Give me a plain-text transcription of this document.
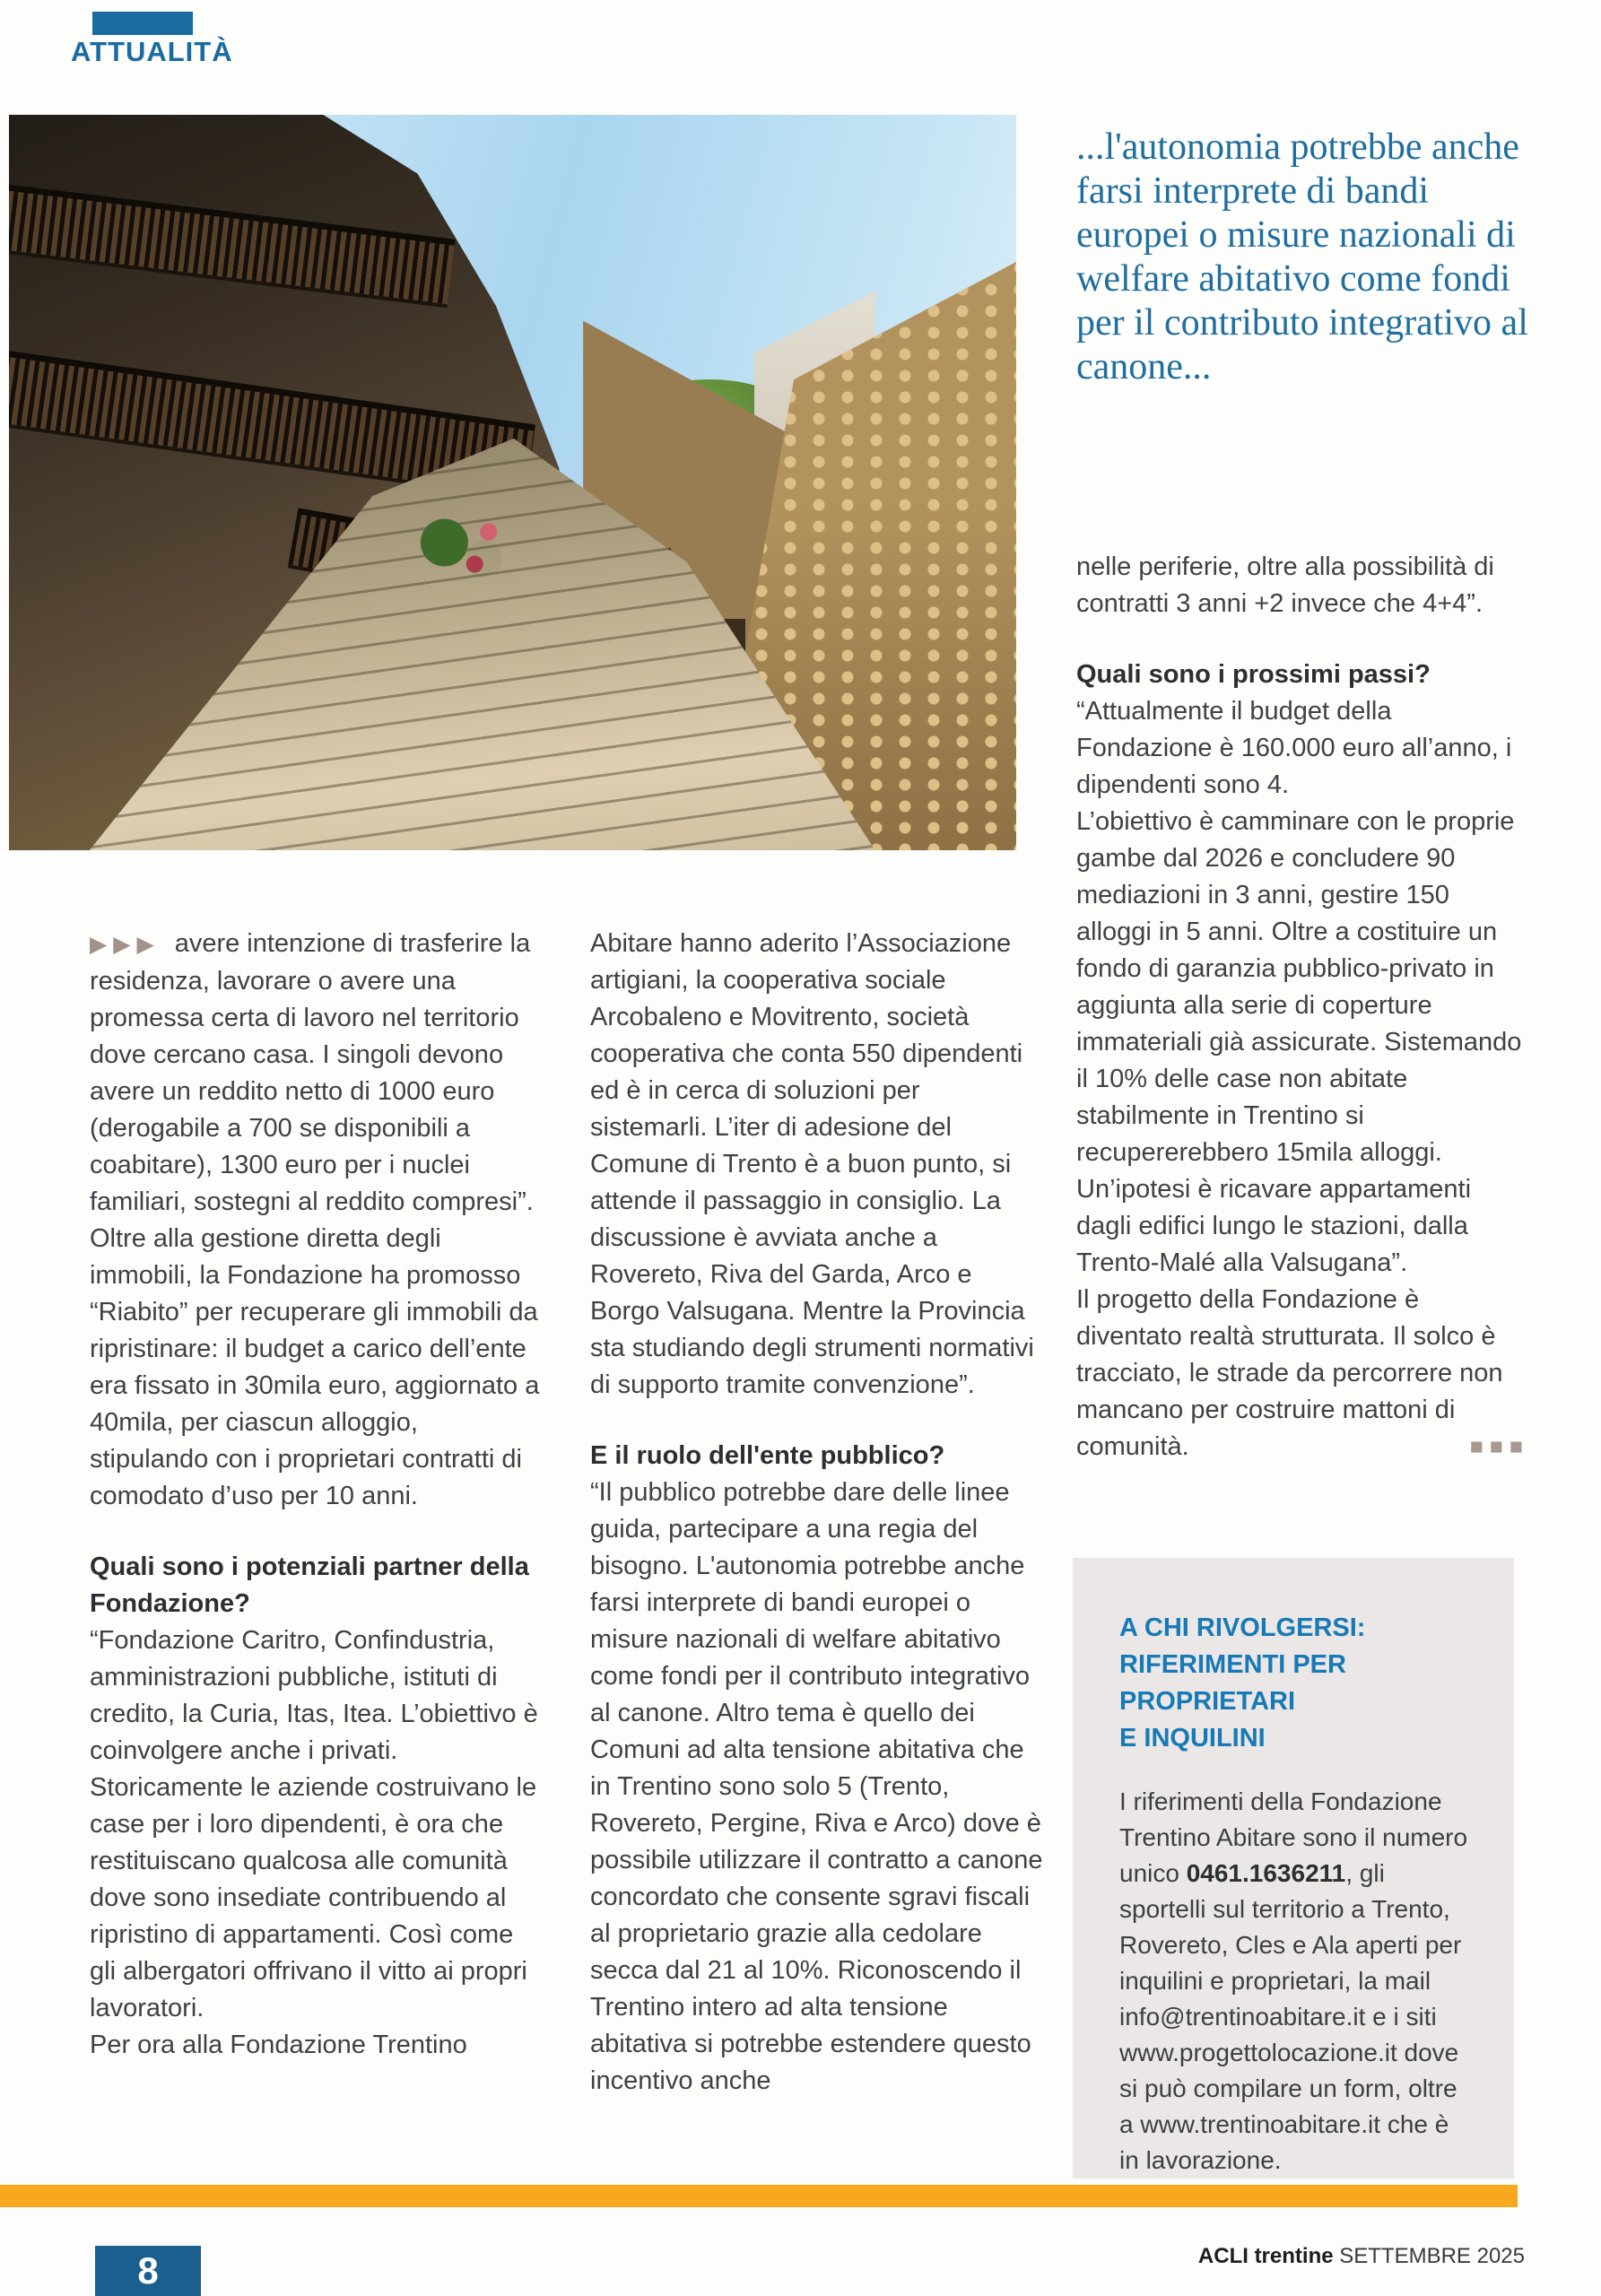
ATTUALITÀ
...l'autonomia potrebbe anche farsi interprete di bandi europei o misure nazionali di welfare abitativo come fondi per il contributo integrativo al canone...

▶▶▶ avere intenzione di trasferire la residenza, lavorare o avere una promessa certa di lavoro nel territorio dove cercano casa. I singoli devono avere un reddito netto di 1000 euro (derogabile a 700 se disponibili a coabitare), 1300 euro per i nuclei familiari, sostegni al reddito compresi”. Oltre alla gestione diretta degli immobili, la Fondazione ha promosso “Riabito” per recuperare gli immobili da ripristinare: il budget a carico dell’ente era fissato in 30mila euro, aggiornato a 40mila, per ciascun alloggio, stipulando con i proprietari contratti di comodato d’uso per 10 anni.

Quali sono i potenziali partner della Fondazione?

“Fondazione Caritro, Confindustria, amministrazioni pubbliche, istituti di credito, la Curia, Itas, Itea. L’obiettivo è coinvolgere anche i privati. Storicamente le aziende costruivano le case per i loro dipendenti, è ora che restituiscano qualcosa alle comunità dove sono insediate contribuendo al ripristino di appartamenti. Così come gli albergatori offrivano il vitto ai propri lavoratori.

Per ora alla Fondazione Trentino

Abitare hanno aderito l’Associazione artigiani, la cooperativa sociale Arcobaleno e Movitrento, società cooperativa che conta 550 dipendenti ed è in cerca di soluzioni per sistemarli. L’iter di adesione del Comune di Trento è a buon punto, si attende il passaggio in consiglio. La discussione è avviata anche a Rovereto, Riva del Garda, Arco e Borgo Valsugana. Mentre la Provincia sta studiando degli strumenti normativi di supporto tramite convenzione”.

E il ruolo dell'ente pubblico?

“Il pubblico potrebbe dare delle linee guida, partecipare a una regia del bisogno. L'autonomia potrebbe anche farsi interprete di bandi europei o misure nazionali di welfare abitativo come fondi per il contributo integrativo al canone. Altro tema è quello dei Comuni ad alta tensione abitativa che in Trentino sono solo 5 (Trento, Rovereto, Pergine, Riva e Arco) dove è possibile utilizzare il contratto a canone concordato che consente sgravi fiscali al proprietario grazie alla cedolare secca dal 21 al 10%. Riconoscendo il Trentino intero ad alta tensione abitativa si potrebbe estendere questo incentivo anche

nelle periferie, oltre alla possibilità di contratti 3 anni +2 invece che 4+4”.

Quali sono i prossimi passi?

“Attualmente il budget della Fondazione è 160.000 euro all’anno, i dipendenti sono 4.

L’obiettivo è camminare con le proprie gambe dal 2026 e concludere 90 mediazioni in 3 anni, gestire 150 alloggi in 5 anni. Oltre a costituire un fondo di garanzia pubblico-privato in aggiunta alla serie di coperture immateriali già assicurate. Sistemando il 10% delle case non abitate stabilmente in Trentino si recupererebbero 15mila alloggi. Un’ipotesi è ricavare appartamenti dagli edifici lungo le stazioni, dalla Trento-Malé alla Valsugana”.

Il progetto della Fondazione è diventato realtà strutturata. Il solco è tracciato, le strade da percorrere non mancano per costruire mattoni di comunità.	■■■
A CHI RIVOLGERSI:
RIFERIMENTI PER PROPRIETARI
E INQUILINI

I riferimenti della Fondazione Trentino Abitare sono il numero unico 0461.1636211, gli sportelli sul territorio a Trento, Rovereto, Cles e Ala aperti per inquilini e proprietari, la mail info@trentinoabitare.it e i siti www.progettolocazione.it dove si può compilare un form, oltre a www.trentinoabitare.it che è in lavorazione.

8	ACLI trentine SETTEMBRE 2025
